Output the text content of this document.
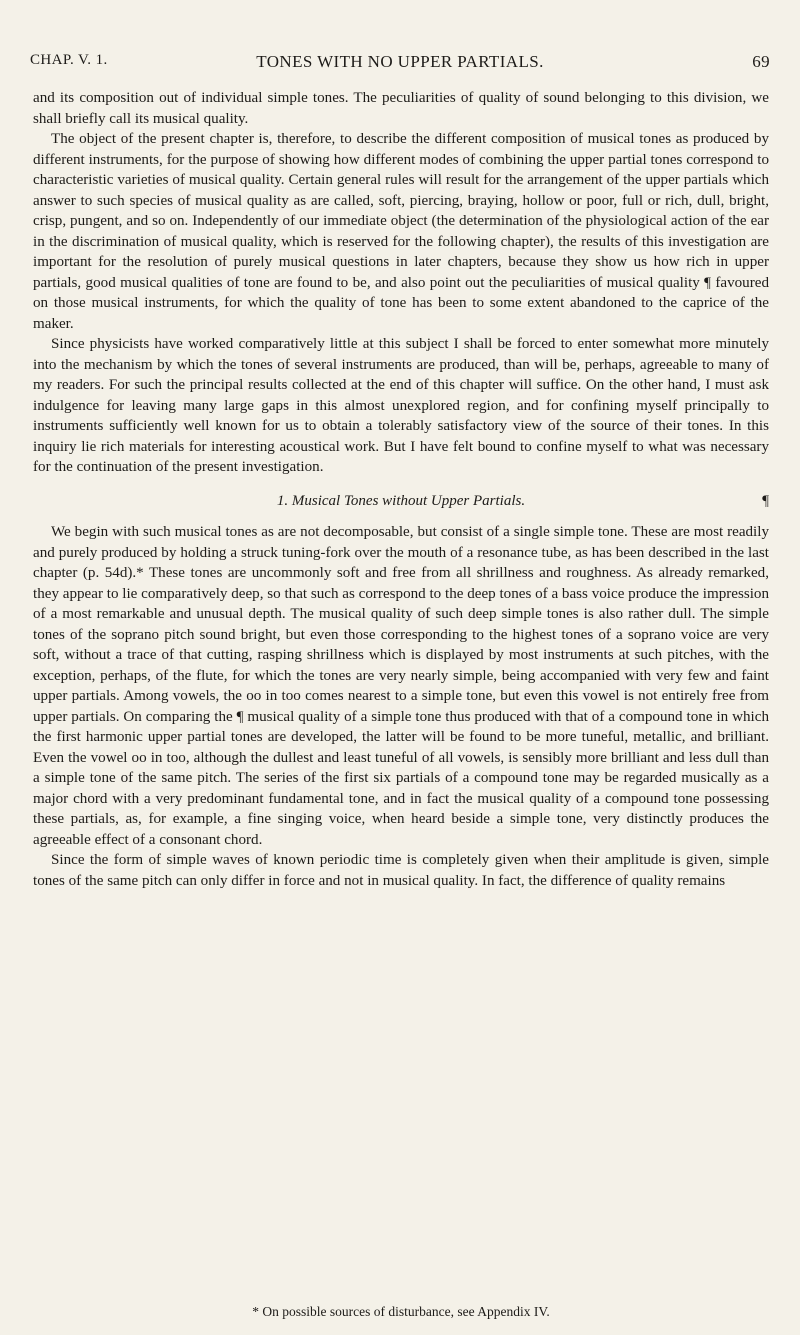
CHAP. V. 1.	TONES WITH NO UPPER PARTIALS.	69

and its composition out of individual simple tones. The peculiarities of quality of sound belonging to this division, we shall briefly call its musical quality.

The object of the present chapter is, therefore, to describe the different composition of musical tones as produced by different instruments, for the purpose of showing how different modes of combining the upper partial tones correspond to characteristic varieties of musical quality. Certain general rules will result for the arrangement of the upper partials which answer to such species of musical quality as are called, soft, piercing, braying, hollow or poor, full or rich, dull, bright, crisp, pungent, and so on. Independently of our immediate object (the determination of the physiological action of the ear in the discrimination of musical quality, which is reserved for the following chapter), the results of this investigation are important for the resolution of purely musical questions in later chapters, because they show us how rich in upper partials, good musical qualities of tone are found to be, and also point out the peculiarities of musical quality ¶ favoured on those musical instruments, for which the quality of tone has been to some extent abandoned to the caprice of the maker.

Since physicists have worked comparatively little at this subject I shall be forced to enter somewhat more minutely into the mechanism by which the tones of several instruments are produced, than will be, perhaps, agreeable to many of my readers. For such the principal results collected at the end of this chapter will suffice. On the other hand, I must ask indulgence for leaving many large gaps in this almost unexplored region, and for confining myself principally to instruments sufficiently well known for us to obtain a tolerably satisfactory view of the source of their tones. In this inquiry lie rich materials for interesting acoustical work. But I have felt bound to confine myself to what was necessary for the continuation of the present investigation.

1. Musical Tones without Upper Partials.	¶

We begin with such musical tones as are not decomposable, but consist of a single simple tone. These are most readily and purely produced by holding a struck tuning-fork over the mouth of a resonance tube, as has been described in the last chapter (p. 54d).* These tones are uncommonly soft and free from all shrillness and roughness. As already remarked, they appear to lie comparatively deep, so that such as correspond to the deep tones of a bass voice produce the impression of a most remarkable and unusual depth. The musical quality of such deep simple tones is also rather dull. The simple tones of the soprano pitch sound bright, but even those corresponding to the highest tones of a soprano voice are very soft, without a trace of that cutting, rasping shrillness which is displayed by most instruments at such pitches, with the exception, perhaps, of the flute, for which the tones are very nearly simple, being accompanied with very few and faint upper partials. Among vowels, the oo in too comes nearest to a simple tone, but even this vowel is not entirely free from upper partials. On comparing the ¶ musical quality of a simple tone thus produced with that of a compound tone in which the first harmonic upper partial tones are developed, the latter will be found to be more tuneful, metallic, and brilliant. Even the vowel oo in too, although the dullest and least tuneful of all vowels, is sensibly more brilliant and less dull than a simple tone of the same pitch. The series of the first six partials of a compound tone may be regarded musically as a major chord with a very predominant fundamental tone, and in fact the musical quality of a compound tone possessing these partials, as, for example, a fine singing voice, when heard beside a simple tone, very distinctly produces the agreeable effect of a consonant chord.

Since the form of simple waves of known periodic time is completely given when their amplitude is given, simple tones of the same pitch can only differ in force and not in musical quality. In fact, the difference of quality remains

* On possible sources of disturbance, see Appendix IV.
